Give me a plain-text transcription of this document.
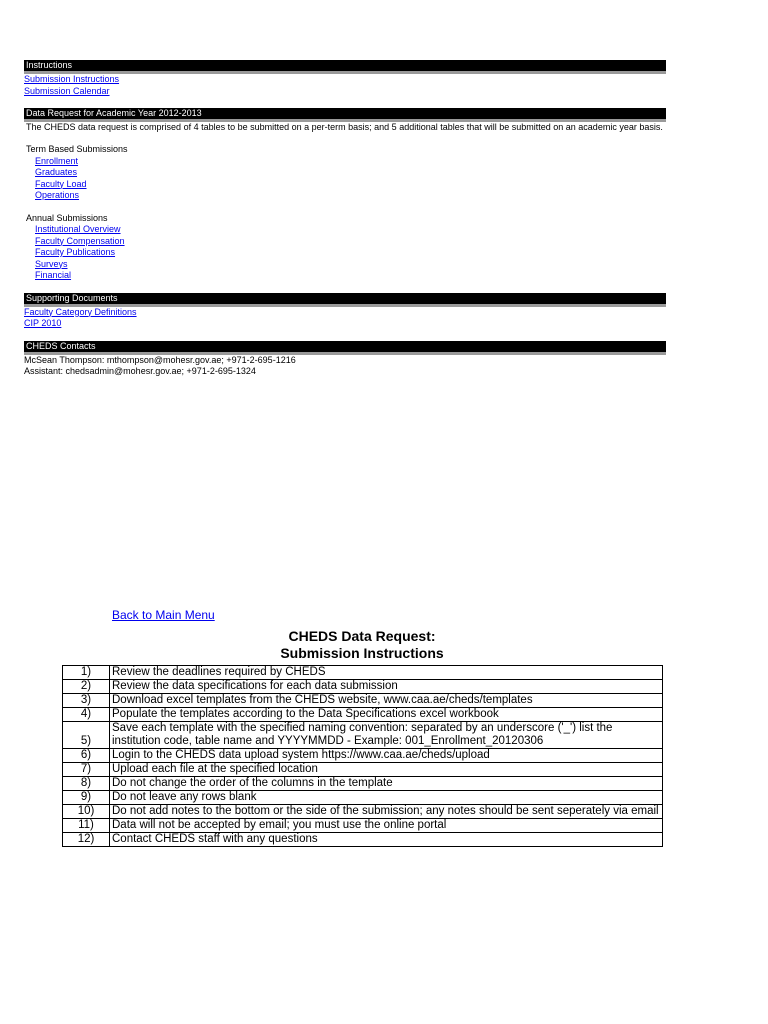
Instructions
Submission Instructions
Submission Calendar
Data Request for Academic Year 2012-2013
The CHEDS data request is comprised of 4 tables to be submitted on a per-term basis; and 5 additional tables that will be submitted on an academic year basis.
Term Based Submissions
Enrollment
Graduates
Faculty Load
Operations
Annual Submissions
Institutional Overview
Faculty Compensation
Faculty Publications
Surveys
Financial
Supporting Documents
Faculty Category Definitions
CIP 2010
CHEDS Contacts
McSean Thompson: mthompson@mohesr.gov.ae; +971-2-695-1216
Assistant: chedsadmin@mohesr.gov.ae; +971-2-695-1324
Back to Main Menu
CHEDS Data Request:
Submission Instructions
1)	Review the deadlines required by CHEDS
2)	Review the data specifications for each data submission
3)	Download excel templates from the CHEDS website, www.caa.ae/cheds/templates
4)	Populate the templates according to the Data Specifications excel workbook
5)	Save each template with the specified naming convention: separated by an underscore ('_') list the institution code, table name and YYYYMMDD - Example: 001_Enrollment_20120306
6)	Login to the CHEDS data upload system https://www.caa.ae/cheds/upload
7)	Upload each file at the specified location
8)	Do not change the order of the columns in the template
9)	Do not leave any rows blank
10)	Do not add notes to the bottom or the side of the submission; any notes should be sent seperately via email
11)	Data will not be accepted by email; you must use the online portal
12)	Contact CHEDS staff with any questions
